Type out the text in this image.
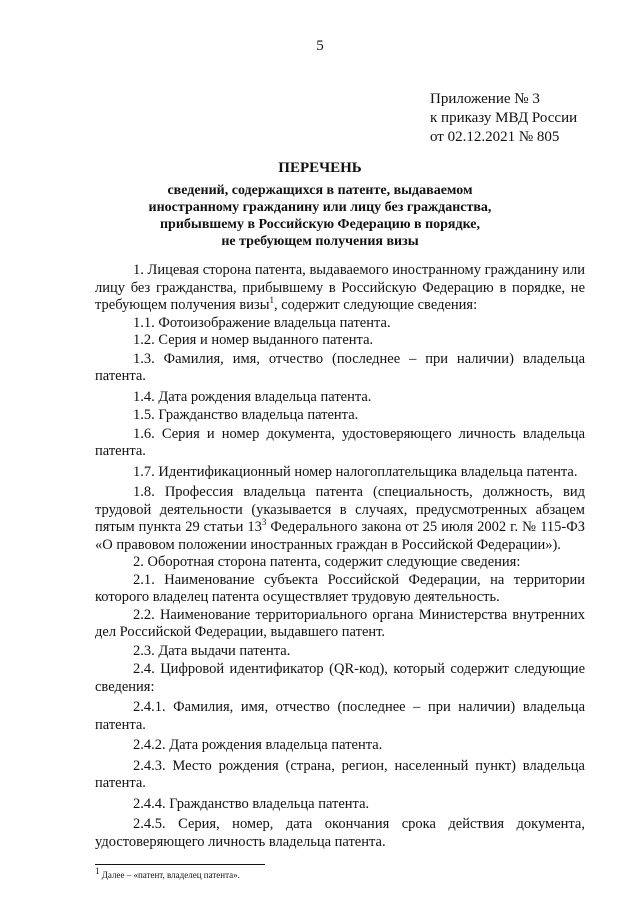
5
Приложение № 3
к приказу МВД России
от 02.12.2021 № 805
ПЕРЕЧЕНЬ
сведений, содержащихся в патенте, выдаваемом
иностранному гражданину или лицу без гражданства,
прибывшему в Российскую Федерацию в порядке,
не требующем получения визы

1. Лицевая сторона патента, выдаваемого иностранному гражданину или лицу без гражданства, прибывшему в Российскую Федерацию в порядке, не требующем получения визы$^1$, содержит следующие сведения:

1.1. Фотоизображение владельца патента.

1.2. Серия и номер выданного патента.

1.3. Фамилия, имя, отчество (последнее – при наличии) владельца патента.

1.4. Дата рождения владельца патента.

1.5. Гражданство владельца патента.

1.6. Серия и номер документа, удостоверяющего личность владельца патента.

1.7. Идентификационный номер налогоплательщика владельца патента.

1.8. Профессия владельца патента (специальность, должность, вид трудовой деятельности (указывается в случаях, предусмотренных абзацем пятым пункта 29 статьи $13^3$ Федерального закона от 25 июля 2002 г. № 115-ФЗ «О правовом положении иностранных граждан в Российской Федерации»).

2. Оборотная сторона патента, содержит следующие сведения:

2.1. Наименование субъекта Российской Федерации, на территории которого владелец патента осуществляет трудовую деятельность.

2.2. Наименование территориального органа Министерства внутренних дел Российской Федерации, выдавшего патент.

2.3. Дата выдачи патента.

2.4. Цифровой идентификатор (QR-код), который содержит следующие сведения:

2.4.1. Фамилия, имя, отчество (последнее – при наличии) владельца патента.

2.4.2. Дата рождения владельца патента.

2.4.3. Место рождения (страна, регион, населенный пункт) владельца патента.

2.4.4. Гражданство владельца патента.

2.4.5. Серия, номер, дата окончания срока действия документа, удостоверяющего личность владельца патента.

$^1$ Далее – «патент, владелец патента».
